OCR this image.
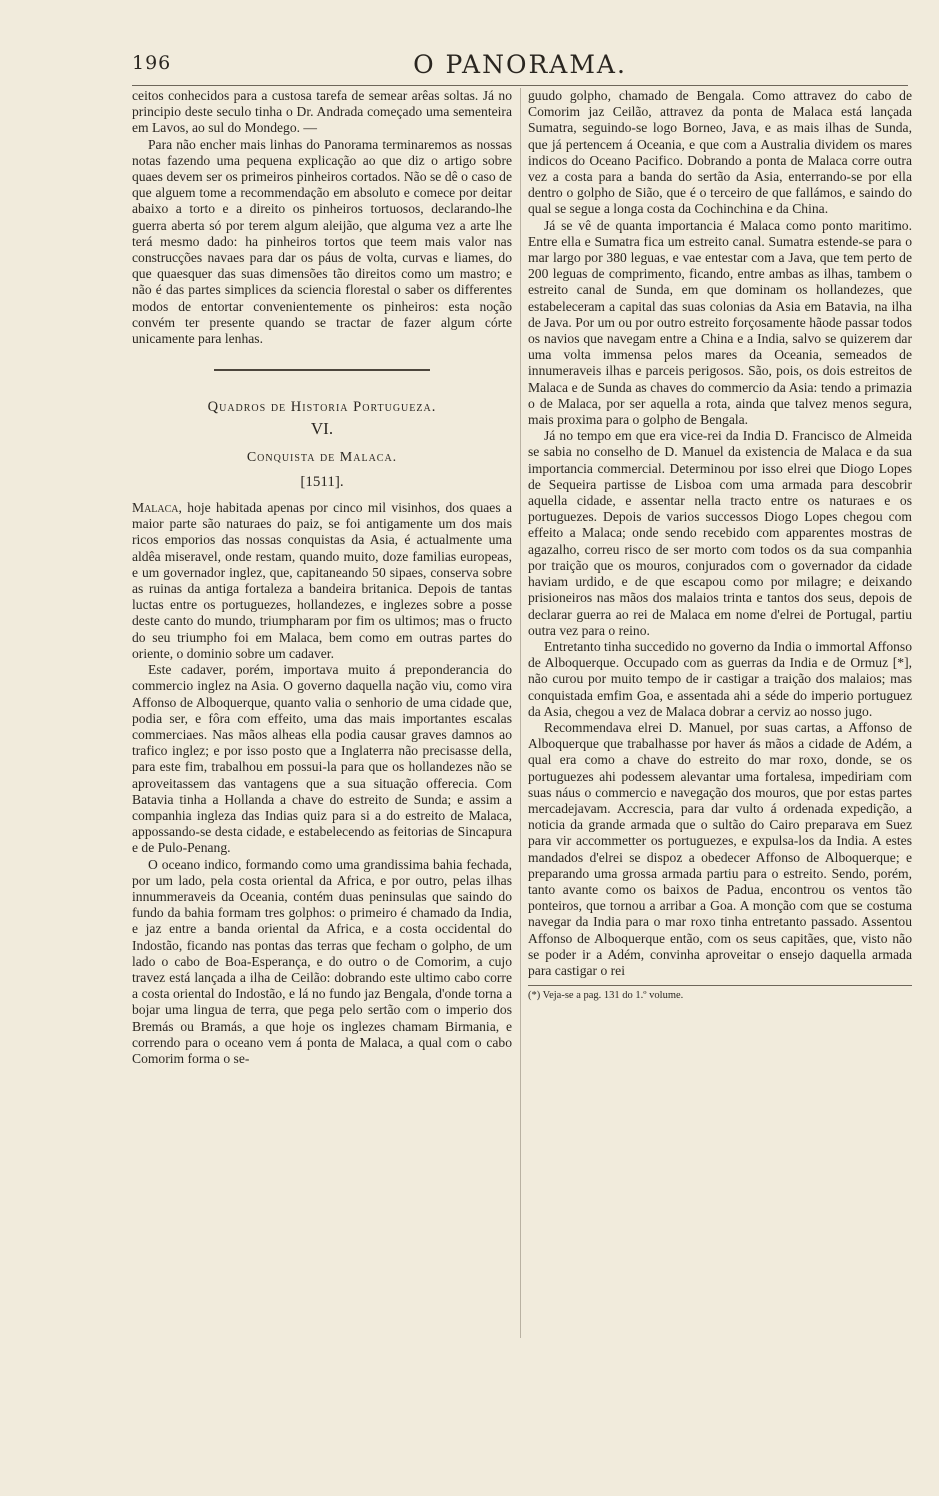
196	O PANORAMA.

ceitos conhecidos para a custosa tarefa de semear arêas soltas. Já no principio deste seculo tinha o Dr. Andrada começado uma sementeira em Lavos, ao sul do Mondego. —

Para não encher mais linhas do Panorama terminaremos as nossas notas fazendo uma pequena explicação ao que diz o artigo sobre quaes devem ser os primeiros pinheiros cortados. Não se dê o caso de que alguem tome a recommendação em absoluto e comece por deitar abaixo a torto e a direito os pinheiros tortuosos, declarando-lhe guerra aberta só por terem algum aleijão, que alguma vez a arte lhe terá mesmo dado: ha pinheiros tortos que teem mais valor nas construcções navaes para dar os páus de volta, curvas e liames, do que quaesquer das suas dimensões tão direitos como um mastro; e não é das partes simplices da sciencia florestal o saber os differentes modos de entortar convenientemente os pinheiros: esta noção convém ter presente quando se tractar de fazer algum córte unicamente para lenhas.

Quadros de Historia Portugueza.
VI.
Conquista de Malaca.
[1511].

Malaca, hoje habitada apenas por cinco mil visinhos, dos quaes a maior parte são naturaes do paiz, se foi antigamente um dos mais ricos emporios das nossas conquistas da Asia, é actualmente uma aldêa miseravel, onde restam, quando muito, doze familias europeas, e um governador inglez, que, capitaneando 50 sipaes, conserva sobre as ruinas da antiga fortaleza a bandeira britanica. Depois de tantas luctas entre os portuguezes, hollandezes, e inglezes sobre a posse deste canto do mundo, triumpharam por fim os ultimos; mas o fructo do seu triumpho foi em Malaca, bem como em outras partes do oriente, o dominio sobre um cadaver.

Este cadaver, porém, importava muito á preponderancia do commercio inglez na Asia. O governo daquella nação viu, como vira Affonso de Alboquerque, quanto valia o senhorio de uma cidade que, podia ser, e fôra com effeito, uma das mais importantes escalas commerciaes. Nas mãos alheas ella podia causar graves damnos ao trafico inglez; e por isso posto que a Inglaterra não precisasse della, para este fim, trabalhou em possui-la para que os hollandezes não se aproveitassem das vantagens que a sua situação offerecia. Com Batavia tinha a Hollanda a chave do estreito de Sunda; e assim a companhia ingleza das Indias quiz para si a do estreito de Malaca, appossando-se desta cidade, e estabelecendo as feitorias de Sincapura e de Pulo-Penang.

O oceano indico, formando como uma grandissima bahia fechada, por um lado, pela costa oriental da Africa, e por outro, pelas ilhas innummeraveis da Oceania, contém duas peninsulas que saindo do fundo da bahia formam tres golphos: o primeiro é chamado da India, e jaz entre a banda oriental da Africa, e a costa occidental do Indostão, ficando nas pontas das terras que fecham o golpho, de um lado o cabo de Boa-Esperança, e do outro o de Comorim, a cujo travez está lançada a ilha de Ceilão: dobrando este ultimo cabo corre a costa oriental do Indostão, e lá no fundo jaz Bengala, d'onde torna a bojar uma lingua de terra, que pega pelo sertão com o imperio dos Bremás ou Bramás, a que hoje os inglezes chamam Birmania, e correndo para o oceano vem á ponta de Malaca, a qual com o cabo Comorim forma o se-

guudo golpho, chamado de Bengala. Como attravez do cabo de Comorim jaz Ceilão, attravez da ponta de Malaca está lançada Sumatra, seguindo-se logo Borneo, Java, e as mais ilhas de Sunda, que já pertencem á Oceania, e que com a Australia dividem os mares indicos do Oceano Pacifico. Dobrando a ponta de Malaca corre outra vez a costa para a banda do sertão da Asia, enterrando-se por ella dentro o golpho de Sião, que é o terceiro de que fallámos, e saindo do qual se segue a longa costa da Cochinchina e da China.

Já se vê de quanta importancia é Malaca como ponto maritimo. Entre ella e Sumatra fica um estreito canal. Sumatra estende-se para o mar largo por 380 leguas, e vae entestar com a Java, que tem perto de 200 leguas de comprimento, ficando, entre ambas as ilhas, tambem o estreito canal de Sunda, em que dominam os hollandezes, que estabeleceram a capital das suas colonias da Asia em Batavia, na ilha de Java. Por um ou por outro estreito forçosamente hãode passar todos os navios que navegam entre a China e a India, salvo se quizerem dar uma volta immensa pelos mares da Oceania, semeados de innumeraveis ilhas e parceis perigosos. São, pois, os dois estreitos de Malaca e de Sunda as chaves do commercio da Asia: tendo a primazia o de Malaca, por ser aquella a rota, ainda que talvez menos segura, mais proxima para o golpho de Bengala.

Já no tempo em que era vice-rei da India D. Francisco de Almeida se sabia no conselho de D. Manuel da existencia de Malaca e da sua importancia commercial. Determinou por isso elrei que Diogo Lopes de Sequeira partisse de Lisboa com uma armada para descobrir aquella cidade, e assentar nella tracto entre os naturaes e os portuguezes. Depois de varios successos Diogo Lopes chegou com effeito a Malaca; onde sendo recebido com apparentes mostras de agazalho, correu risco de ser morto com todos os da sua companhia por traição que os mouros, conjurados com o governador da cidade haviam urdido, e de que escapou como por milagre; e deixando prisioneiros nas mãos dos malaios trinta e tantos dos seus, depois de declarar guerra ao rei de Malaca em nome d'elrei de Portugal, partiu outra vez para o reino.

Entretanto tinha succedido no governo da India o immortal Affonso de Alboquerque. Occupado com as guerras da India e de Ormuz [*], não curou por muito tempo de ir castigar a traição dos malaios; mas conquistada emfim Goa, e assentada ahi a séde do imperio portuguez da Asia, chegou a vez de Malaca dobrar a cerviz ao nosso jugo.

Recommendava elrei D. Manuel, por suas cartas, a Affonso de Alboquerque que trabalhasse por haver ás mãos a cidade de Adém, a qual era como a chave do estreito do mar roxo, donde, se os portuguezes ahi podessem alevantar uma fortalesa, impediriam com suas náus o commercio e navegação dos mouros, que por estas partes mercadejavam. Accrescia, para dar vulto á ordenada expedição, a noticia da grande armada que o sultão do Cairo preparava em Suez para vir accommetter os portuguezes, e expulsa-los da India. A estes mandados d'elrei se dispoz a obedecer Affonso de Alboquerque; e preparando uma grossa armada partiu para o estreito. Sendo, porém, tanto avante como os baixos de Padua, encontrou os ventos tão ponteiros, que tornou a arribar a Goa. A monção com que se costuma navegar da India para o mar roxo tinha entretanto passado. Assentou Affonso de Alboquerque então, com os seus capitães, que, visto não se poder ir a Adém, convinha aproveitar o ensejo daquella armada para castigar o rei

(*) Veja-se a pag. 131 do 1.º volume.
